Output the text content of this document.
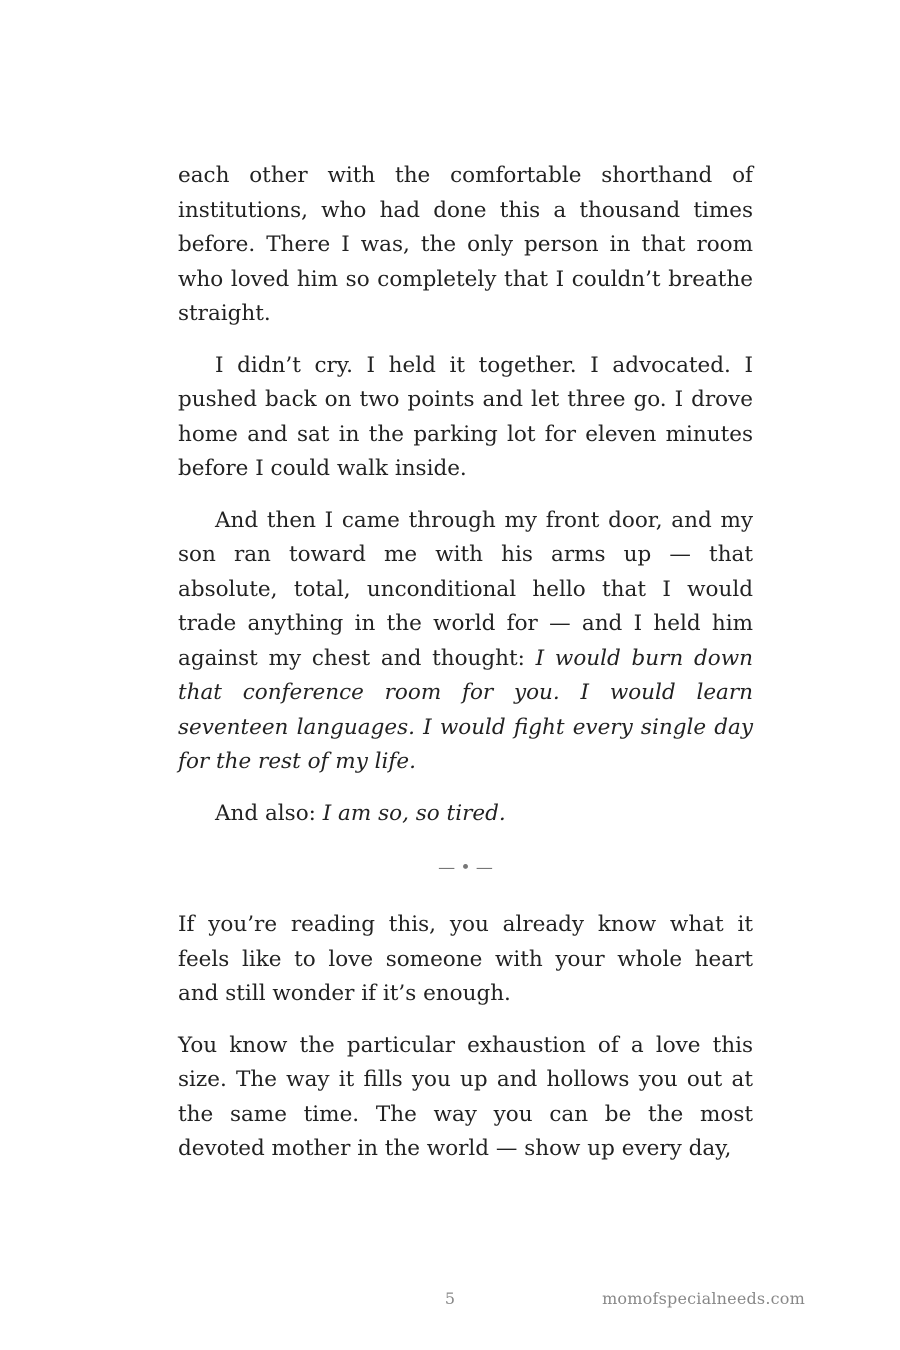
each other with the comfortable shorthand of institutions, who had done this a thousand times before. There I was, the only person in that room who loved him so completely that I couldn’t breathe straight.

I didn’t cry. I held it together. I advocated. I pushed back on two points and let three go. I drove home and sat in the parking lot for eleven minutes before I could walk inside.

And then I came through my front door, and my son ran toward me with his arms up — that absolute, total, unconditional hello that I would trade anything in the world for — and I held him against my chest and thought: I would burn down that conference room for you. I would learn seventeen languages. I would fight every single day for the rest of my life.

And also: I am so, so tired.

— • —

If you’re reading this, you already know what it feels like to love someone with your whole heart and still wonder if it’s enough.

You know the particular exhaustion of a love this size. The way it fills you up and hollows you out at the same time. The way you can be the most devoted mother in the world — show up every day,

5	momofspecialneeds.com
